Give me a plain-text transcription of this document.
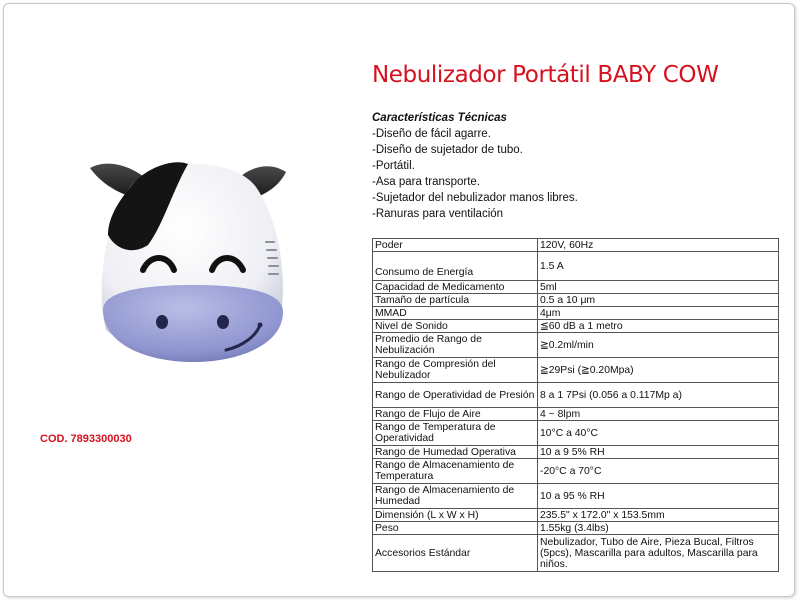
Nebulizador Portátil BABY COW
Características Técnicas
-Diseño de fácil agarre.
-Diseño de sujetador de tubo.
-Portátil.
-Asa para transporte.
-Sujetador del nebulizador manos libres.
-Ranuras para ventilación
COD. 7893300030
Poder	120V, 60Hz
Consumo de Energía	1.5 A
Capacidad de Medicamento	5ml
Tamaño de partícula	0.5 a 10 μm
MMAD	4μm
Nivel de Sonido	≦60 dB a 1 metro
Promedio de Rango de Nebulización	≧0.2ml/min
Rango de Compresión del Nebulizador	≧29Psi (≧0.20Mpa)
Rango de Operatividad de Presión	8 a 1 7Psi (0.056 a 0.117Mp a)
Rango de Flujo de Aire	4 ~ 8lpm
Rango de Temperatura de Operatividad	10°C a 40°C
Rango de Humedad Operativa	10 a 9 5% RH
Rango de Almacenamiento de Temperatura	-20°C a 70°C
Rango de Almacenamiento de Humedad	10 a 95 % RH
Dimensión (L x W x H)	235.5" x 172.0" x 153.5mm
Peso	1.55kg (3.4lbs)
Accesorios Estándar	Nebulizador, Tubo de Aire, Pieza Bucal, Filtros (5pcs), Mascarilla para adultos, Mascarilla para niños.
